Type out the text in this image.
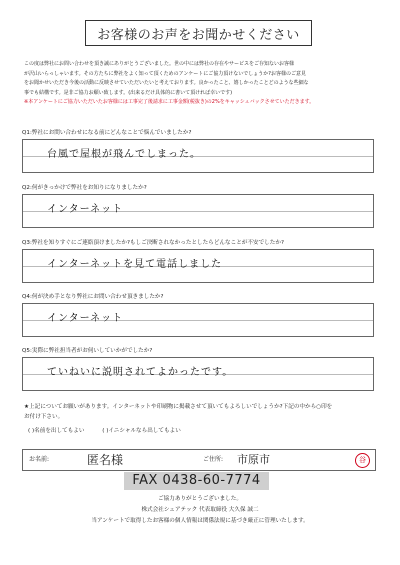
お客様のお声をお聞かせください

この度は弊社にお問い合わせを頂き誠にありがとうございました。世の中には弊社の存在やサービスをご存知ないお客様

が沢山いらっしゃいます。その方たちに弊社をよく知って頂くためのアンケートにご協力頂けないでしょうか?お客様のご意見

をお聞かせいただき今後の活動に反映させていただいたいと考えております。良かったこと、嬉しかったことどのような些細な

事でも結構です。是非ご協力お願い致します。(出来るだけ具体的に書いて頂ければ幸いです)

※本アンケートにご協力いただいたお客様には工事完了後請求に工事金額(税抜き)の2%をキャッシュバックさせていただきます。

Q1:弊社にお問い合わせになる前にどんなことで悩んでいましたか?
台風で屋根が飛んでしまった。
Q2:何がきっかけで弊社をお知りになりましたか?
インターネット
Q3:弊社を知りすぐにご連絡頂けましたか?もしご決断されなかったとしたらどんなことが不安でしたか?
インターネットを見て電話しました
Q4:何が決め手となり弊社にお問い合わせ頂きましたか?
インターネット
Q5:実際に弊社担当者がお伺いしていかがでしたか?
ていねいに説明されてよかったです。

★上記についてお願いがあります。インターネットや印刷物に掲載させて頂いてもよろしいでしょうか?下記の中から○印を

お付け下さい。

( )名前を出してもよい	( )イニシャルなら出してもよい
お名前:	匿名様	ご住所: 市原市	谷
FAX 0438-60-7774
ご協力ありがとうございました。
株式会社シェアテック 代表取締役 大久保 誠二
当アンケートで取得したお客様の個人情報は関係法規に基づき厳正に管理いたします。
